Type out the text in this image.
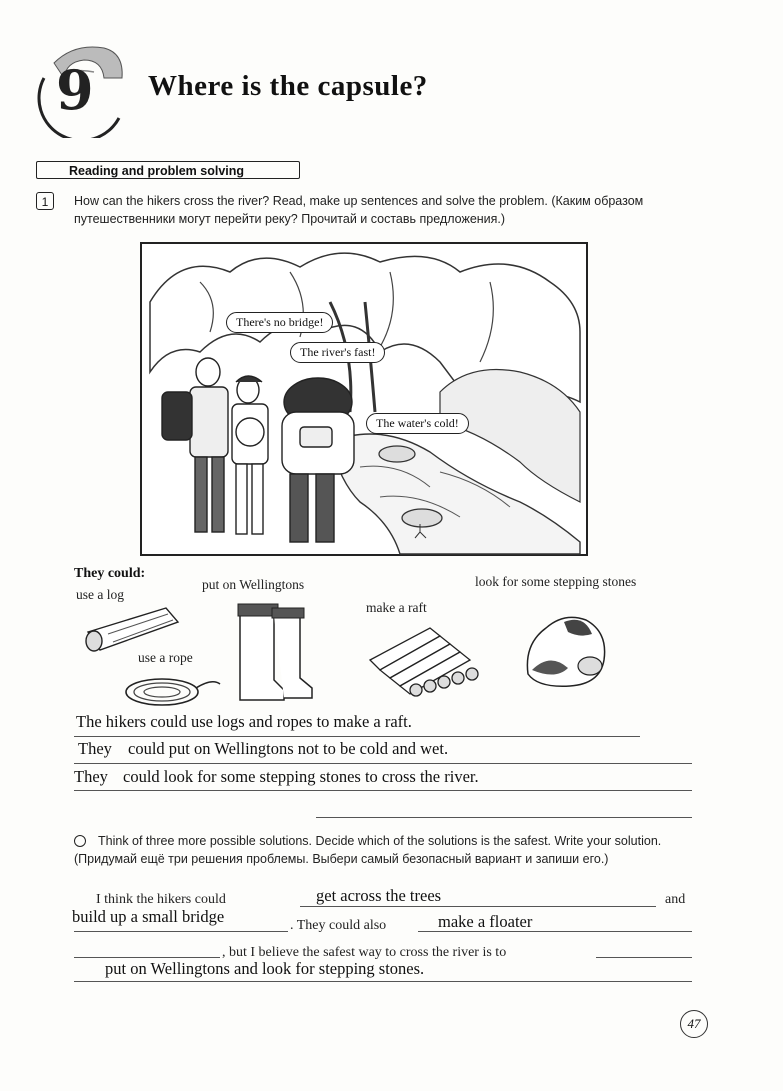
9 Where is the capsule?
Reading and problem solving
1	How can the hikers cross the river? Read, make up sentences and solve the problem. (Каким образом путешественники могут перейти реку? Прочитай и составь предложения.)
There's no bridge!
The river's fast!
The water's cold!
They could:
use a log
put on Wellingtons	look for some stepping stones
make a raft
use a rope
The hikers could use logs and ropes to make a raft.
They could put on Wellingtons not to be cold and wet.
They could look for some stepping stones to cross the river.
Think of three more possible solutions. Decide which of the solutions is the safest. Write your solution. (Придумай ещё три решения проблемы. Выбери самый безопасный вариант и запиши его.)
I think the hikers could	get across the trees	and
build up a small bridge	. They could also	make a floater
, but I believe the safest way to cross the river is to
put on Wellingtons and look for stepping stones.
47
